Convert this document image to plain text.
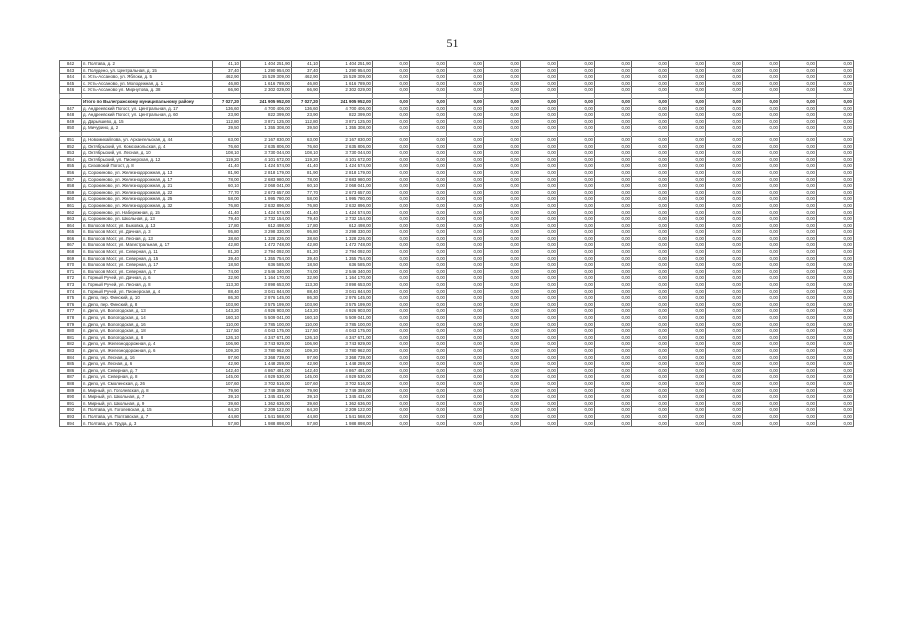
51
842	п. Полтава, д. 2	41,10	1 404 251,90	41,10	1 404 251,90	0,00	0,00	0,00	0,00	0,00	0,00	0,00	0,00	0,00	0,00	0,00	0,00	0,00
843	п. Полудено, ул. Центральная, д. 15	37,40	1 290 954,00	37,40	1 290 954,00	0,00	0,00	0,00	0,00	0,00	0,00	0,00	0,00	0,00	0,00	0,00	0,00	0,00
844	п. Усть-Ассаново, ул. Яблоки, д. 5	462,90	15 529 309,00	462,90	15 529 309,00	0,00	0,00	0,00	0,00	0,00	0,00	0,00	0,00	0,00	0,00	0,00	0,00	0,00
845	с. Усть-Ассаново, ул. Молодежная, д. 1	46,80	1 616 789,00	46,80	1 616 789,00	0,00	0,00	0,00	0,00	0,00	0,00	0,00	0,00	0,00	0,00	0,00	0,00	0,00
846	с. Усть-Ассаново ул. Мирнутова, д. 38	66,90	2 302 029,00	66,90	2 302 029,00	0,00	0,00	0,00	0,00	0,00	0,00	0,00	0,00	0,00	0,00	0,00	0,00	0,00

	Итого по Вылегражскому муниципальному району	7 027,20	241 905 952,00	7 027,20	241 905 952,00	0,00	0,00	0,00	0,00	0,00	0,00	0,00	0,00	0,00	0,00	0,00	0,00	0,00
847	д. Андреевский Погост, ул. Центральная, д. 17	136,60	4 700 406,00	136,60	4 700 406,00	0,00	0,00	0,00	0,00	0,00	0,00	0,00	0,00	0,00	0,00	0,00	0,00	0,00
848	д. Андреевский Погост, ул. Центральная, д. 60	23,90	822 399,00	23,90	822 399,00	0,00	0,00	0,00	0,00	0,00	0,00	0,00	0,00	0,00	0,00	0,00	0,00	0,00
849	д. Дарьяшево, д. 15	112,80	3 871 125,00	112,80	3 871 125,00	0,00	0,00	0,00	0,00	0,00	0,00	0,00	0,00	0,00	0,00	0,00	0,00	0,00
850	д. Мичурино, д. 2	39,50	1 355 308,00	39,50	1 355 308,00	0,00	0,00	0,00	0,00	0,00	0,00	0,00	0,00	0,00	0,00	0,00	0,00	0,00

851	д. Новомихайлова, ул. Архангельская, д. 44	63,00	2 167 830,00	63,00	2 167 830,00	0,00	0,00	0,00	0,00	0,00	0,00	0,00	0,00	0,00	0,00	0,00	0,00	0,00
852	д. Октябрьский, ул. Комсомольская, д. 4	76,60	2 635 806,00	76,60	2 635 806,00	0,00	0,00	0,00	0,00	0,00	0,00	0,00	0,00	0,00	0,00	0,00	0,00	0,00
853	д. Октябрьский, ул. Лесная, д. 10	108,10	3 730 044,00	108,10	3 730 044,00	0,00	0,00	0,00	0,00	0,00	0,00	0,00	0,00	0,00	0,00	0,00	0,00	0,00
854	д. Октябрьский, ул. Пионерская, д. 12	119,20	4 101 672,00	119,20	4 101 672,00	0,00	0,00	0,00	0,00	0,00	0,00	0,00	0,00	0,00	0,00	0,00	0,00	0,00
855	д. Сизовский Погост, д. 8	41,40	1 424 574,00	41,40	1 424 574,00	0,00	0,00	0,00	0,00	0,00	0,00	0,00	0,00	0,00	0,00	0,00	0,00	0,00
856	д. Сорокиново, ул. Железнодорожная, д. 13	81,90	2 818 179,00	81,90	2 818 179,00	0,00	0,00	0,00	0,00	0,00	0,00	0,00	0,00	0,00	0,00	0,00	0,00	0,00
857	д. Сорокиново, ул. Железнодорожная, д. 17	78,00	2 683 980,00	78,00	2 683 980,00	0,00	0,00	0,00	0,00	0,00	0,00	0,00	0,00	0,00	0,00	0,00	0,00	0,00
858	д. Сорокиново, ул. Железнодорожная, д. 21	60,10	2 068 041,00	60,10	2 068 041,00	0,00	0,00	0,00	0,00	0,00	0,00	0,00	0,00	0,00	0,00	0,00	0,00	0,00
859	д. Сорокиново, ул. Железнодорожная, д. 22	77,70	2 673 657,00	77,70	2 673 657,00	0,00	0,00	0,00	0,00	0,00	0,00	0,00	0,00	0,00	0,00	0,00	0,00	0,00
860	д. Сорокиново, ул. Железнодорожная, д. 25	58,00	1 995 780,00	58,00	1 995 780,00	0,00	0,00	0,00	0,00	0,00	0,00	0,00	0,00	0,00	0,00	0,00	0,00	0,00
861	д. Сорокиново, ул. Железнодорожная, д. 32	76,80	2 632 896,00	76,80	2 632 896,00	0,00	0,00	0,00	0,00	0,00	0,00	0,00	0,00	0,00	0,00	0,00	0,00	0,00
862	д. Сорокиново, ул. Набережная, д. 15	41,40	1 424 574,00	41,40	1 424 574,00	0,00	0,00	0,00	0,00	0,00	0,00	0,00	0,00	0,00	0,00	0,00	0,00	0,00
863	д. Сорокиново, ул. Школьная, д. 13	79,40	2 732 154,00	79,40	2 732 154,00	0,00	0,00	0,00	0,00	0,00	0,00	0,00	0,00	0,00	0,00	0,00	0,00	0,00
864	п. Волосов Мост, ул. Быковка, д. 13	17,80	612 498,00	17,80	612 498,00	0,00	0,00	0,00	0,00	0,00	0,00	0,00	0,00	0,00	0,00	0,00	0,00	0,00
865	п. Волосов Мост, ул. Дачная, д. 3	95,80	3 298 330,00	95,80	3 298 330,00	0,00	0,00	0,00	0,00	0,00	0,00	0,00	0,00	0,00	0,00	0,00	0,00	0,00
866	п. Волосов Мост, ул. Лесная, д. 13	38,60	1 328 226,00	38,60	1 328 226,00	0,00	0,00	0,00	0,00	0,00	0,00	0,00	0,00	0,00	0,00	0,00	0,00	0,00
867	п. Волосов Мост, ул. Магистральная, д. 17	42,80	1 472 748,00	42,80	1 472 748,00	0,00	0,00	0,00	0,00	0,00	0,00	0,00	0,00	0,00	0,00	0,00	0,00	0,00
868	п. Волосов Мост, ул. Северная, д. 11	81,20	2 794 092,00	81,20	2 794 092,00	0,00	0,00	0,00	0,00	0,00	0,00	0,00	0,00	0,00	0,00	0,00	0,00	0,00
869	п. Волосов Мост, ул. Северная, д. 15	39,40	1 355 754,00	39,40	1 355 754,00	0,00	0,00	0,00	0,00	0,00	0,00	0,00	0,00	0,00	0,00	0,00	0,00	0,00
870	п. Волосов Мост, ул. Северная, д. 17	18,50	636 585,00	18,50	636 585,00	0,00	0,00	0,00	0,00	0,00	0,00	0,00	0,00	0,00	0,00	0,00	0,00	0,00
871	п. Волосов Мост, ул. Северная, д. 7	74,00	2 546 340,00	74,00	2 546 340,00	0,00	0,00	0,00	0,00	0,00	0,00	0,00	0,00	0,00	0,00	0,00	0,00	0,00
872	п. Горный Ручей, ул. Дачная, д. 6	32,90	1 164 170,00	32,90	1 164 170,00	0,00	0,00	0,00	0,00	0,00	0,00	0,00	0,00	0,00	0,00	0,00	0,00	0,00
873	п. Горный Ручей, ул. Лесная, д. 8	113,30	3 898 653,00	113,30	3 898 653,00	0,00	0,00	0,00	0,00	0,00	0,00	0,00	0,00	0,00	0,00	0,00	0,00	0,00
874	п. Горный Ручей, ул. Пионерская, д. 4	88,40	3 041 844,00	88,40	3 041 844,00	0,00	0,00	0,00	0,00	0,00	0,00	0,00	0,00	0,00	0,00	0,00	0,00	0,00
875	п. Депо, пер. Финский, д. 10	86,30	2 976 145,00	86,30	2 976 145,00	0,00	0,00	0,00	0,00	0,00	0,00	0,00	0,00	0,00	0,00	0,00	0,00	0,00
876	п. Депо, пер. Финский, д. 8	103,90	3 575 199,00	103,90	3 575 199,00	0,00	0,00	0,00	0,00	0,00	0,00	0,00	0,00	0,00	0,00	0,00	0,00	0,00
877	п. Депо, ул. Вологодская, д. 13	143,20	4 926 903,00	143,20	4 926 903,00	0,00	0,00	0,00	0,00	0,00	0,00	0,00	0,00	0,00	0,00	0,00	0,00	0,00
878	п. Депо, ул. Вологодская, д. 14	160,10	5 509 041,00	160,10	5 509 041,00	0,00	0,00	0,00	0,00	0,00	0,00	0,00	0,00	0,00	0,00	0,00	0,00	0,00
879	п. Депо, ул. Вологодская, д. 16	110,00	3 785 100,00	110,00	3 785 100,00	0,00	0,00	0,00	0,00	0,00	0,00	0,00	0,00	0,00	0,00	0,00	0,00	0,00
880	п. Депо, ул. Вологодская, д. 18	117,50	4 043 175,00	117,50	4 043 175,00	0,00	0,00	0,00	0,00	0,00	0,00	0,00	0,00	0,00	0,00	0,00	0,00	0,00
881	п. Депо, ул. Вологодская, д. 8	126,10	4 347 671,00	126,10	4 347 671,00	0,00	0,00	0,00	0,00	0,00	0,00	0,00	0,00	0,00	0,00	0,00	0,00	0,00
882	п. Депо, ул. Железнодорожная, д. 4	106,90	3 743 929,00	106,90	3 743 929,00	0,00	0,00	0,00	0,00	0,00	0,00	0,00	0,00	0,00	0,00	0,00	0,00	0,00
883	п. Депо, ул. Железнодорожная, д. 6	109,20	3 780 962,00	109,20	3 780 962,00	0,00	0,00	0,00	0,00	0,00	0,00	0,00	0,00	0,00	0,00	0,00	0,00	0,00
884	п. Депо, ул. Лесная, д. 16	97,90	3 368 739,00	97,90	3 368 739,00	0,00	0,00	0,00	0,00	0,00	0,00	0,00	0,00	0,00	0,00	0,00	0,00	0,00
885	п. Депо, ул. Лесная, д. 6	42,90	1 448 259,00	42,90	1 448 259,00	0,00	0,00	0,00	0,00	0,00	0,00	0,00	0,00	0,00	0,00	0,00	0,00	0,00
886	п. Депо, ул. Северная, д. 7	142,40	4 867 481,00	142,40	4 867 481,00	0,00	0,00	0,00	0,00	0,00	0,00	0,00	0,00	0,00	0,00	0,00	0,00	0,00
887	п. Депо, ул. Северная, д. 8	145,00	4 929 530,00	145,00	4 929 530,00	0,00	0,00	0,00	0,00	0,00	0,00	0,00	0,00	0,00	0,00	0,00	0,00	0,00
888	п. Депо, ул. Смоленская, д. 26	107,60	3 702 516,00	107,60	3 702 516,00	0,00	0,00	0,00	0,00	0,00	0,00	0,00	0,00	0,00	0,00	0,00	0,00	0,00
889	п. Мирный, ул. Гоголевская, д. 8	79,90	2 749 359,00	79,90	2 749 359,00	0,00	0,00	0,00	0,00	0,00	0,00	0,00	0,00	0,00	0,00	0,00	0,00	0,00
890	п. Мирный, ул. Школьная, д. 7	39,10	1 345 431,00	39,10	1 345 431,00	0,00	0,00	0,00	0,00	0,00	0,00	0,00	0,00	0,00	0,00	0,00	0,00	0,00
891	п. Мирный, ул. Школьная, д. 9	39,60	1 362 636,00	39,60	1 362 636,00	0,00	0,00	0,00	0,00	0,00	0,00	0,00	0,00	0,00	0,00	0,00	0,00	0,00
892	п. Полтава, ул. Гоголевская, д. 15	64,20	2 209 122,00	64,20	2 209 122,00	0,00	0,00	0,00	0,00	0,00	0,00	0,00	0,00	0,00	0,00	0,00	0,00	0,00
893	п. Полтава, ул. Полтавская, д. 7	44,80	1 541 568,00	44,80	1 541 568,00	0,00	0,00	0,00	0,00	0,00	0,00	0,00	0,00	0,00	0,00	0,00	0,00	0,00
894	п. Полтава, ул. Труда, д. 3	57,80	1 988 898,00	57,80	1 988 898,00	0,00	0,00	0,00	0,00	0,00	0,00	0,00	0,00	0,00	0,00	0,00	0,00	0,00
